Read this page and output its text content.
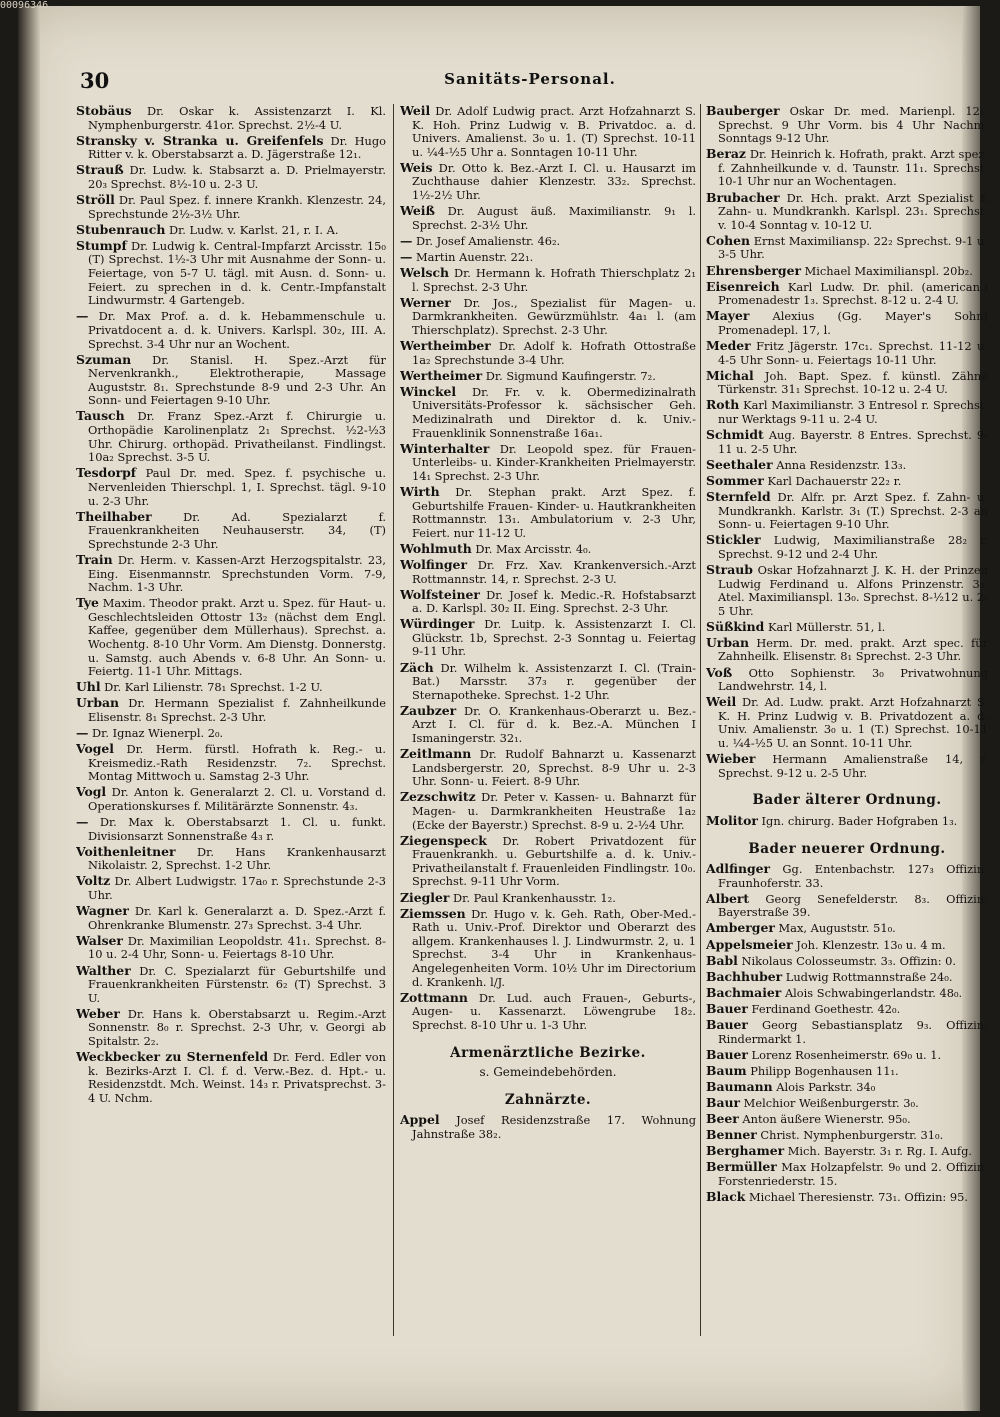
30	Sanitäts-Personal.
Stobäus Dr. Oskar k. Assistenzarzt I. Kl. Nymphenburgerstr. 41or. Sprechst. 2½-4 U.
Stransky v. Stranka u. Greifenfels Dr. Hugo Ritter v. k. Oberstabsarzt a. D. Jägerstraße 12₁.
Strauß Dr. Ludw. k. Stabsarzt a. D. Prielmayerstr. 20₃ Sprechst. 8½-10 u. 2-3 U.
Ströll Dr. Paul Spez. f. innere Krankh. Klenzestr. 24, Sprechstunde 2½-3½ Uhr.
Stubenrauch Dr. Ludw. v. Karlst. 21, r. I. A.
Stumpf Dr. Ludwig k. Central-Impfarzt Arcisstr. 15₀ (T) Sprechst. 1½-3 Uhr mit Ausnahme der Sonn- u. Feiertage, von 5-7 U. tägl. mit Ausn. d. Sonn- u. Feiert. zu sprechen in d. k. Centr.-Impfanstalt Lindwurmstr. 4 Gartengeb.
— Dr. Max Prof. a. d. k. Hebammenschule u. Privatdocent a. d. k. Univers. Karlspl. 30₂, III. A. Sprechst. 3-4 Uhr nur an Wochent.
Szuman Dr. Stanisl. H. Spez.-Arzt für Nervenkrankh., Elektrotherapie, Massage Auguststr. 8₁. Sprechstunde 8-9 und 2-3 Uhr. An Sonn- und Feiertagen 9-10 Uhr.
Tausch Dr. Franz Spez.-Arzt f. Chirurgie u. Orthopädie Karolinenplatz 2₁ Sprechst. ½2-½3 Uhr. Chirurg. orthopäd. Privatheilanst. Findlingst. 10a₂ Sprechst. 3-5 U.
Tesdorpf Paul Dr. med. Spez. f. psychische u. Nervenleiden Thierschpl. 1, I. Sprechst. tägl. 9-10 u. 2-3 Uhr.
Theilhaber	Dr. Ad. Spezialarzt f. Frauenkrankheiten Neuhauserstr. 34, (T) Sprechstunde 2-3 Uhr.
Train Dr. Herm. v. Kassen-Arzt Herzogspitalstr. 23, Eing. Eisenmannstr. Sprechstunden Vorm. 7-9, Nachm. 1-3 Uhr.
Tye Maxim. Theodor prakt. Arzt u. Spez. für Haut- u. Geschlechtsleiden Ottostr 13₂ (nächst dem Engl. Kaffee, gegenüber dem Müllerhaus). Sprechst. a. Wochentg. 8-10 Uhr Vorm. Am Dienstg. Donnerstg. u. Samstg. auch Abends v. 6-8 Uhr. An Sonn- u. Feiertg. 11-1 Uhr. Mittags.
Uhl Dr. Karl Lilienstr. 78₁ Sprechst. 1-2 U.
Urban Dr. Hermann Spezialist f. Zahnheilkunde Elisenstr. 8₁ Sprechst. 2-3 Uhr.
— Dr. Ignaz Wienerpl. 2₀.
Vogel Dr. Herm. fürstl. Hofrath k. Reg.- u. Kreismediz.-Rath Residenzstr. 7₂. Sprechst. Montag Mittwoch u. Samstag 2-3 Uhr.
Vogl Dr. Anton k. Generalarzt 2. Cl. u. Vorstand d. Operationskurses f. Militärärzte Sonnenstr. 4₃.
— Dr. Max k. Oberstabsarzt 1. Cl. u. funkt. Divisionsarzt Sonnenstraße 4₃ r.
Voithenleitner Dr. Hans Krankenhausarzt Nikolaistr. 2, Sprechst. 1-2 Uhr.
Voltz Dr. Albert Ludwigstr. 17a₀ r. Sprechstunde 2-3 Uhr.
Wagner Dr. Karl k. Generalarzt a. D. Spez.-Arzt f. Ohrenkranke Blumenstr. 27₃ Sprechst. 3-4 Uhr.
Walser Dr. Maximilian Leopoldstr. 41₁. Sprechst. 8-10 u. 2-4 Uhr, Sonn- u. Feiertags 8-10 Uhr.
Walther Dr. C. Spezialarzt für Geburtshilfe und Frauenkrankheiten Fürstenstr. 6₂ (T) Sprechst. 3 U.
Weber Dr. Hans k. Oberstabsarzt u. Regim.-Arzt Sonnenstr. 8₀ r. Sprechst. 2-3 Uhr, v. Georgi ab Spitalstr. 2₂.
Weckbecker zu Sternenfeld Dr. Ferd. Edler von k. Bezirks-Arzt I. Cl. f. d. Verw.-Bez. d. Hpt.- u. Residenzstdt. Mch. Weinst. 14₃ r. Privatsprechst. 3-4 U. Nchm.
Weil Dr. Adolf Ludwig pract. Arzt Hofzahnarzt S. K. Hoh. Prinz Ludwig v. B. Privatdoc. a. d. Univers. Amalienst. 3₀ u. 1. (T) Sprechst. 10-11 u. ¼4-½5 Uhr a. Sonntagen 10-11 Uhr.
Weis Dr. Otto k. Bez.-Arzt I. Cl. u. Hausarzt im Zuchthause dahier Klenzestr. 33₂. Sprechst. 1½-2½ Uhr.
Weiß Dr. August äuß. Maximilianstr. 9₁ l. Sprechst. 2-3½ Uhr.
— Dr. Josef Amalienstr. 46₂.
— Martin Auenstr. 22₁.
Welsch Dr. Hermann k. Hofrath Thierschplatz 2₁ l. Sprechst. 2-3 Uhr.
Werner Dr. Jos., Spezialist für Magen- u. Darmkrankheiten. Gewürzmühlstr. 4a₁ l. (am Thierschplatz). Sprechst. 2-3 Uhr.
Wertheimber Dr. Adolf k. Hofrath Ottostraße 1a₂ Sprechstunde 3-4 Uhr.
Wertheimer Dr. Sigmund Kaufingerstr. 7₂.
Winckel Dr. Fr. v. k. Obermedizinalrath Universitäts-Professor k. sächsischer Geh. Medizinalrath und Direktor d. k. Univ.-Frauenklinik Sonnenstraße 16a₁.
Winterhalter Dr. Leopold spez. für Frauen-Unterleibs- u. Kinder-Krankheiten Prielmayerstr. 14₁ Sprechst. 2-3 Uhr.
Wirth Dr. Stephan prakt. Arzt Spez. f. Geburtshilfe Frauen- Kinder- u. Hautkrankheiten Rottmannstr. 13₁. Ambulatorium v. 2-3 Uhr, Feiert. nur 11-12 U.
Wohlmuth Dr. Max Arcisstr. 4₀.
Wolfinger Dr. Frz. Xav. Krankenversich.-Arzt Rottmannstr. 14, r. Sprechst. 2-3 U.
Wolfsteiner Dr. Josef k. Medic.-R. Hofstabsarzt a. D. Karlspl. 30₂ II. Eing. Sprechst. 2-3 Uhr.
Würdinger Dr. Luitp. k. Assistenzarzt I. Cl. Glückstr. 1b, Sprechst. 2-3 Sonntag u. Feiertag 9-11 Uhr.
Zäch Dr. Wilhelm k. Assistenzarzt I. Cl. (Train-Bat.) Marsstr. 37₃ r. gegenüber der Sternapotheke. Sprechst. 1-2 Uhr.
Zaubzer Dr. O. Krankenhaus-Oberarzt u. Bez.-Arzt I. Cl. für d. k. Bez.-A. München I Ismaningerstr. 32₁.
Zeitlmann Dr. Rudolf Bahnarzt u. Kassenarzt Landsbergerstr. 20, Sprechst. 8-9 Uhr u. 2-3 Uhr. Sonn- u. Feiert. 8-9 Uhr.
Zezschwitz Dr. Peter v. Kassen- u. Bahnarzt für Magen- u. Darmkrankheiten Heustraße 1a₂ (Ecke der Bayerstr.) Sprechst. 8-9 u. 2-½4 Uhr.
Ziegenspeck Dr. Robert Privatdozent für Frauenkrankh. u. Geburtshilfe a. d. k. Univ.-Privatheilanstalt f. Frauenleiden Findlingstr. 10₀. Sprechst. 9-11 Uhr Vorm.
Ziegler Dr. Paul Krankenhausstr. 1₂.
Ziemssen Dr. Hugo v. k. Geh. Rath, Ober-Med.-Rath u. Univ.-Prof. Direktor und Oberarzt des allgem. Krankenhauses l. J. Lindwurmstr. 2, u. 1 Sprechst. 3-4 Uhr in Krankenhaus-Angelegenheiten Vorm. 10½ Uhr im Directorium d. Krankenh. l/J.
Zottmann Dr. Lud. auch Frauen-, Geburts-, Augen- u. Kassenarzt. Löwengrube 18₂. Sprechst. 8-10 Uhr u. 1-3 Uhr.
Armenärztliche Bezirke.
s. Gemeindebehörden.
Zahnärzte.
Appel Josef Residenzstraße 17. Wohnung Jahnstraße 38₂.
Bauberger Oskar Dr. med. Marienpl. 12₁. Sprechst. 9 Uhr Vorm. bis 4 Uhr Nachm. Sonntags 9-12 Uhr.
Beraz Dr. Heinrich k. Hofrath, prakt. Arzt spez. f. Zahnheilkunde v. d. Taunstr. 11₁. Sprechst. 10-1 Uhr nur an Wochentagen.
Brubacher Dr. Hch. prakt. Arzt Spezialist f. Zahn- u. Mundkrankh. Karlspl. 23₁. Sprechst. v. 10-4 Sonntag v. 10-12 U.
Cohen Ernst Maximiliansp. 22₂ Sprechst. 9-1 u. 3-5 Uhr.
Ehrensberger Michael Maximilianspl. 20b₂.
Eisenreich Karl Ludw. Dr. phil. (american.) Promenadestr 1₃. Sprechst. 8-12 u. 2-4 U.
Mayer Alexius (Gg. Mayer's Sohn) Promenadepl. 17, l.
Meder Fritz Jägerstr. 17c₁. Sprechst. 11-12 u. 4-5 Uhr Sonn- u. Feiertags 10-11 Uhr.
Michal Joh. Bapt. Spez. f. künstl. Zähne Türkenstr. 31₁ Sprechst. 10-12 u. 2-4 U.
Roth Karl Maximilianstr. 3 Entresol r. Sprechst. nur Werktags 9-11 u. 2-4 U.
Schmidt Aug. Bayerstr. 8 Entres. Sprechst. 9-11 u. 2-5 Uhr.
Seethaler Anna Residenzstr. 13₃.
Sommer Karl Dachauerstr 22₂ r.
Sternfeld Dr. Alfr. pr. Arzt Spez. f. Zahn- u. Mundkrankh. Karlstr. 3₁ (T.) Sprechst. 2-3 an Sonn- u. Feiertagen 9-10 Uhr.
Stickler Ludwig, Maximilianstraße 28₂ r. Sprechst. 9-12 und 2-4 Uhr.
Straub Oskar Hofzahnarzt J. K. H. der Prinzen Ludwig Ferdinand u. Alfons Prinzenstr. 3₀. Atel. Maximilianspl. 13₀. Sprechst. 8-½12 u. 2-5 Uhr.
Süßkind Karl Müllerstr. 51, l.
Urban Herm. Dr. med. prakt. Arzt spec. für Zahnheilk. Elisenstr. 8₁ Sprechst. 2-3 Uhr.
Voß Otto Sophienstr. 3₀ Privatwohnung Landwehrstr. 14, l.
Weil Dr. Ad. Ludw. prakt. Arzt Hofzahnarzt S. K. H. Prinz Ludwig v. B. Privatdozent a. d. Univ. Amalienstr. 3₀ u. 1 (T.) Sprechst. 10-11 u. ¼4-½5 U. an Sonnt. 10-11 Uhr.
Wieber Hermann Amalienstraße 14, r. Sprechst. 9-12 u. 2-5 Uhr.
Bader älterer Ordnung.
Molitor Ign. chirurg. Bader Hofgraben 1₃.
Bader neuerer Ordnung.
Adlfinger Gg. Entenbachstr. 127₃ Offizin: Fraunhoferstr. 33.
Albert Georg Senefelderstr. 8₃. Offizin: Bayerstraße 39.
Amberger Max, Auguststr. 51₀.
Appelsmeier Joh. Klenzestr. 13₀ u. 4 m.
Babl Nikolaus Colosseumstr. 3₃. Offizin: 0.
Bachhuber Ludwig Rottmannstraße 24₀.
Bachmaier Alois Schwabingerlandstr. 48₀.
Bauer Ferdinand Goethestr. 42₀.
Bauer Georg Sebastiansplatz 9₃. Offizin: Rindermarkt 1.
Bauer Lorenz Rosenheimerstr. 69₀ u. 1.
Baum Philipp Bogenhausen 11₁.
Baumann Alois Parkstr. 34₀
Baur Melchior Weißenburgerstr. 3₀.
Beer Anton äußere Wienerstr. 95₀.
Benner Christ. Nymphenburgerstr. 31₀.
Berghamer Mich. Bayerstr. 3₁ r. Rg. I. Aufg.
Bermüller Max Holzapfelstr. 9₀ und 2. Offizin: Forstenriederstr. 15.
Black Michael Theresienstr. 73₁. Offizin: 95.
00096346
